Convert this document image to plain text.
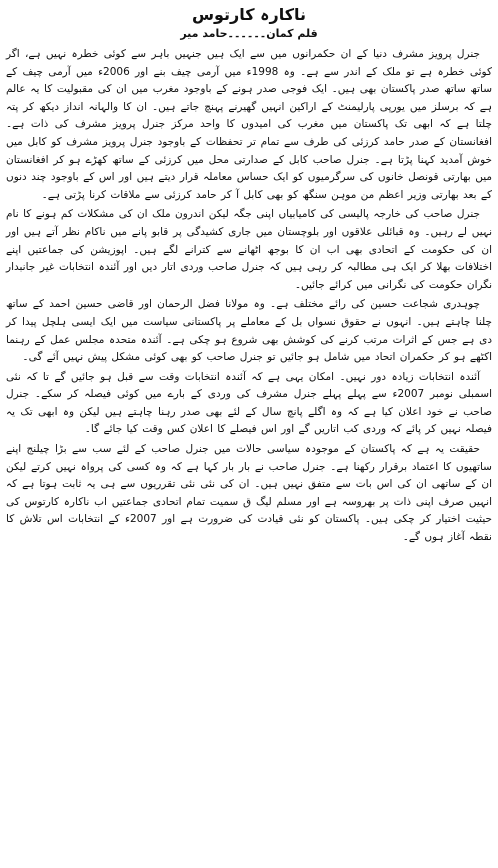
ناکارہ کارتوس
قلم کمان۔۔۔۔۔۔حامد میر

جنرل پرویز مشرف دنیا کے ان حکمرانوں میں سے ایک ہیں جنہیں باہر سے کوئی خطرہ نہیں ہے، اگر کوئی خطرہ ہے تو ملک کے اندر سے ہے۔ وہ 1998ء میں آرمی چیف بنے اور 2006ء میں آرمی چیف کے ساتھ ساتھ صدر پاکستان بھی ہیں۔ ایک فوجی صدر ہونے کے باوجود مغرب میں ان کی مقبولیت کا یہ عالم ہے کہ برسلز میں یورپی پارلیمنٹ کے اراکین انہیں گھیرنے پہنچ جاتے ہیں۔ ان کا والہانہ انداز دیکھ کر پتہ چلتا ہے کہ ابھی تک پاکستان میں مغرب کی امیدوں کا واحد مرکز جنرل پرویز مشرف کی ذات ہے۔ افغانستان کے صدر حامد کرزئی کی طرف سے تمام تر تحفظات کے باوجود جنرل پرویز مشرف کو کابل میں خوش آمدید کہنا پڑتا ہے۔ جنرل صاحب کابل کے صدارتی محل میں کرزئی کے ساتھ کھڑے ہو کر افغانستان میں بھارتی قونصل خانوں کی سرگرمیوں کو ایک حساس معاملہ قرار دیتے ہیں اور اس کے باوجود چند دنوں کے بعد بھارتی وزیر اعظم من موہن سنگھ کو بھی کابل آ کر حامد کرزئی سے ملاقات کرنا پڑتی ہے۔

جنرل صاحب کی خارجہ پالیسی کی کامیابیاں اپنی جگہ لیکن اندرون ملک ان کی مشکلات کم ہونے کا نام نہیں لے رہیں۔ وہ قبائلی علاقوں اور بلوچستان میں جاری کشیدگی پر قابو پانے میں ناکام نظر آتے ہیں اور ان کی حکومت کے اتحادی بھی اب ان کا بوجھ اٹھانے سے کترانے لگے ہیں۔ اپوزیشن کی جماعتیں اپنے اختلافات بھلا کر ایک ہی مطالبہ کر رہی ہیں کہ جنرل صاحب وردی اتار دیں اور آئندہ انتخابات غیر جانبدار نگران حکومت کی نگرانی میں کرائے جائیں۔

چوہدری شجاعت حسین کی رائے مختلف ہے۔ وہ مولانا فضل الرحمان اور قاضی حسین احمد کے ساتھ چلنا چاہتے ہیں۔ انہوں نے حقوق نسواں بل کے معاملے پر پاکستانی سیاست میں ایک ایسی ہلچل پیدا کر دی ہے جس کے اثرات مرتب کرنے کی کوشش بھی شروع ہو چکی ہے۔ آئندہ متحدہ مجلس عمل کے رہنما اکٹھے ہو کر حکمران اتحاد میں شامل ہو جائیں تو جنرل صاحب کو بھی کوئی مشکل پیش نہیں آئے گی۔

آئندہ انتخابات زیادہ دور نہیں۔ امکان یہی ہے کہ آئندہ انتخابات وقت سے قبل ہو جائیں گے تا کہ نئی اسمبلی نومبر 2007ء سے پہلے پہلے جنرل مشرف کی وردی کے بارے میں کوئی فیصلہ کر سکے۔ جنرل صاحب نے خود اعلان کیا ہے کہ وہ اگلے پانچ سال کے لئے بھی صدر رہنا چاہتے ہیں لیکن وہ ابھی تک یہ فیصلہ نہیں کر پائے کہ وردی کب اتاریں گے اور اس فیصلے کا اعلان کس وقت کیا جائے گا۔

حقیقت یہ ہے کہ پاکستان کے موجودہ سیاسی حالات میں جنرل صاحب کے لئے سب سے بڑا چیلنج اپنے ساتھیوں کا اعتماد برقرار رکھنا ہے۔ جنرل صاحب نے بار بار کہا ہے کہ وہ کسی کی پرواہ نہیں کرتے لیکن ان کے ساتھی ان کی اس بات سے متفق نہیں ہیں۔ ان کی نئی نئی تقرریوں سے ہی یہ ثابت ہوتا ہے کہ انہیں صرف اپنی ذات پر بھروسہ ہے اور مسلم لیگ ق سمیت تمام اتحادی جماعتیں اب ناکارہ کارتوس کی حیثیت اختیار کر چکی ہیں۔ پاکستان کو نئی قیادت کی ضرورت ہے اور 2007ء کے انتخابات اس تلاش کا نقطہ آغاز ہوں گے۔
